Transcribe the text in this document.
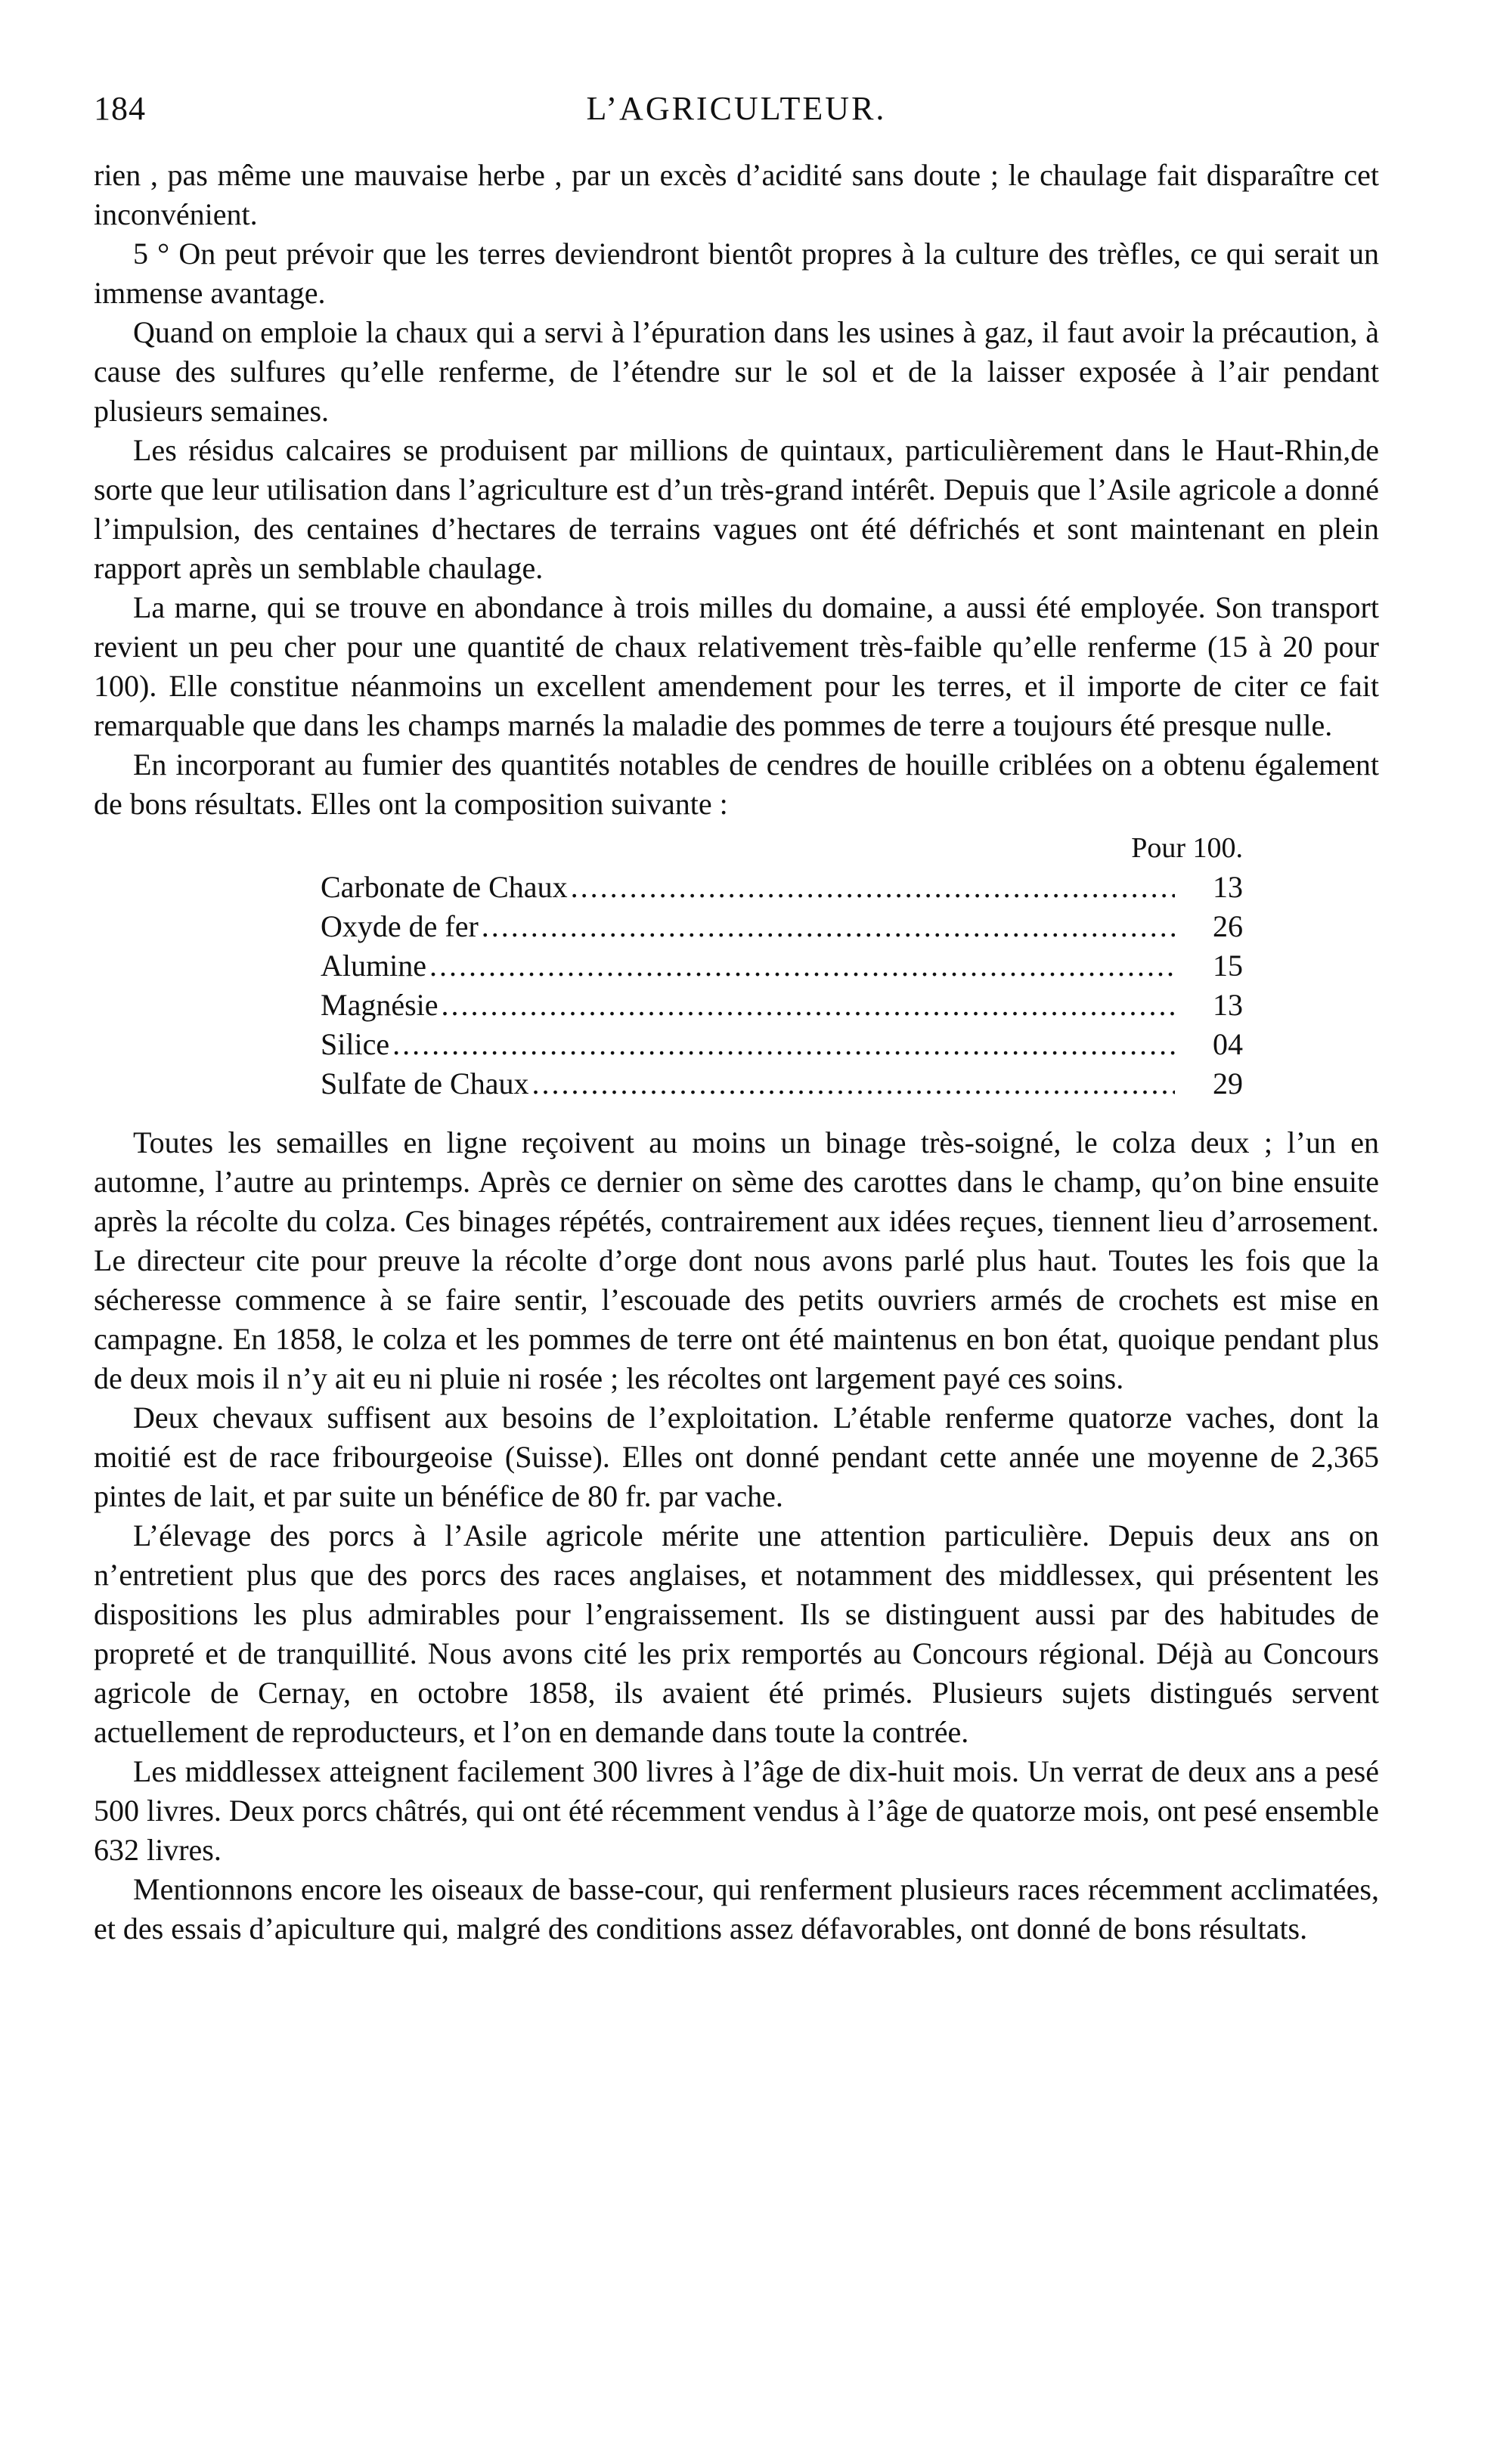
184	L’AGRICULTEUR.

rien , pas même une mauvaise herbe , par un excès d’acidité sans doute ; le chaulage fait disparaître cet inconvénient.

5 ° On peut prévoir que les terres deviendront bientôt propres à la culture des trèfles, ce qui serait un immense avantage.

Quand on emploie la chaux qui a servi à l’épuration dans les usines à gaz, il faut avoir la précaution, à cause des sulfures qu’elle renferme, de l’étendre sur le sol et de la laisser exposée à l’air pendant plusieurs semaines.

Les résidus calcaires se produisent par millions de quintaux, particulièrement dans le Haut-Rhin,de sorte que leur utilisation dans l’agriculture est d’un très-grand intérêt. Depuis que l’Asile agricole a donné l’impulsion, des centaines d’hectares de terrains vagues ont été défrichés et sont maintenant en plein rapport après un semblable chaulage.

La marne, qui se trouve en abondance à trois milles du domaine, a aussi été employée. Son transport revient un peu cher pour une quantité de chaux relativement très-faible qu’elle renferme (15 à 20 pour 100). Elle constitue néanmoins un excellent amendement pour les terres, et il importe de citer ce fait remarquable que dans les champs marnés la maladie des pommes de terre a toujours été presque nulle.

En incorporant au fumier des quantités notables de cendres de houille criblées on a obtenu également de bons résultats. Elles ont la composition suivante :

Pour 100.
Carbonate de Chaux .....	13
Oxyde de fer .....	26
Alumine .....	15
Magnésie .....	13
Silice .....	04
Sulfate de Chaux .....	29

Toutes les semailles en ligne reçoivent au moins un binage très-soigné, le colza deux ; l’un en automne, l’autre au printemps. Après ce dernier on sème des carottes dans le champ, qu’on bine ensuite après la récolte du colza. Ces binages répétés, contrairement aux idées reçues, tiennent lieu d’arrosement. Le directeur cite pour preuve la récolte d’orge dont nous avons parlé plus haut. Toutes les fois que la sécheresse commence à se faire sentir, l’escouade des petits ouvriers armés de crochets est mise en campagne. En 1858, le colza et les pommes de terre ont été maintenus en bon état, quoique pendant plus de deux mois il n’y ait eu ni pluie ni rosée ; les récoltes ont largement payé ces soins.

Deux chevaux suffisent aux besoins de l’exploitation. L’étable renferme quatorze vaches, dont la moitié est de race fribourgeoise (Suisse). Elles ont donné pendant cette année une moyenne de 2,365 pintes de lait, et par suite un bénéfice de 80 fr. par vache.

L’élevage des porcs à l’Asile agricole mérite une attention particulière. Depuis deux ans on n’entretient plus que des porcs des races anglaises, et notamment des middlessex, qui présentent les dispositions les plus admirables pour l’engraissement. Ils se distinguent aussi par des habitudes de propreté et de tranquillité. Nous avons cité les prix remportés au Concours régional. Déjà au Concours agricole de Cernay, en octobre 1858, ils avaient été primés. Plusieurs sujets distingués servent actuellement de reproducteurs, et l’on en demande dans toute la contrée.

Les middlessex atteignent facilement 300 livres à l’âge de dix-huit mois. Un verrat de deux ans a pesé 500 livres. Deux porcs châtrés, qui ont été récemment vendus à l’âge de quatorze mois, ont pesé ensemble 632 livres.

Mentionnons encore les oiseaux de basse-cour, qui renferment plusieurs races récemment acclimatées, et des essais d’apiculture qui, malgré des conditions assez défavorables, ont donné de bons résultats.
